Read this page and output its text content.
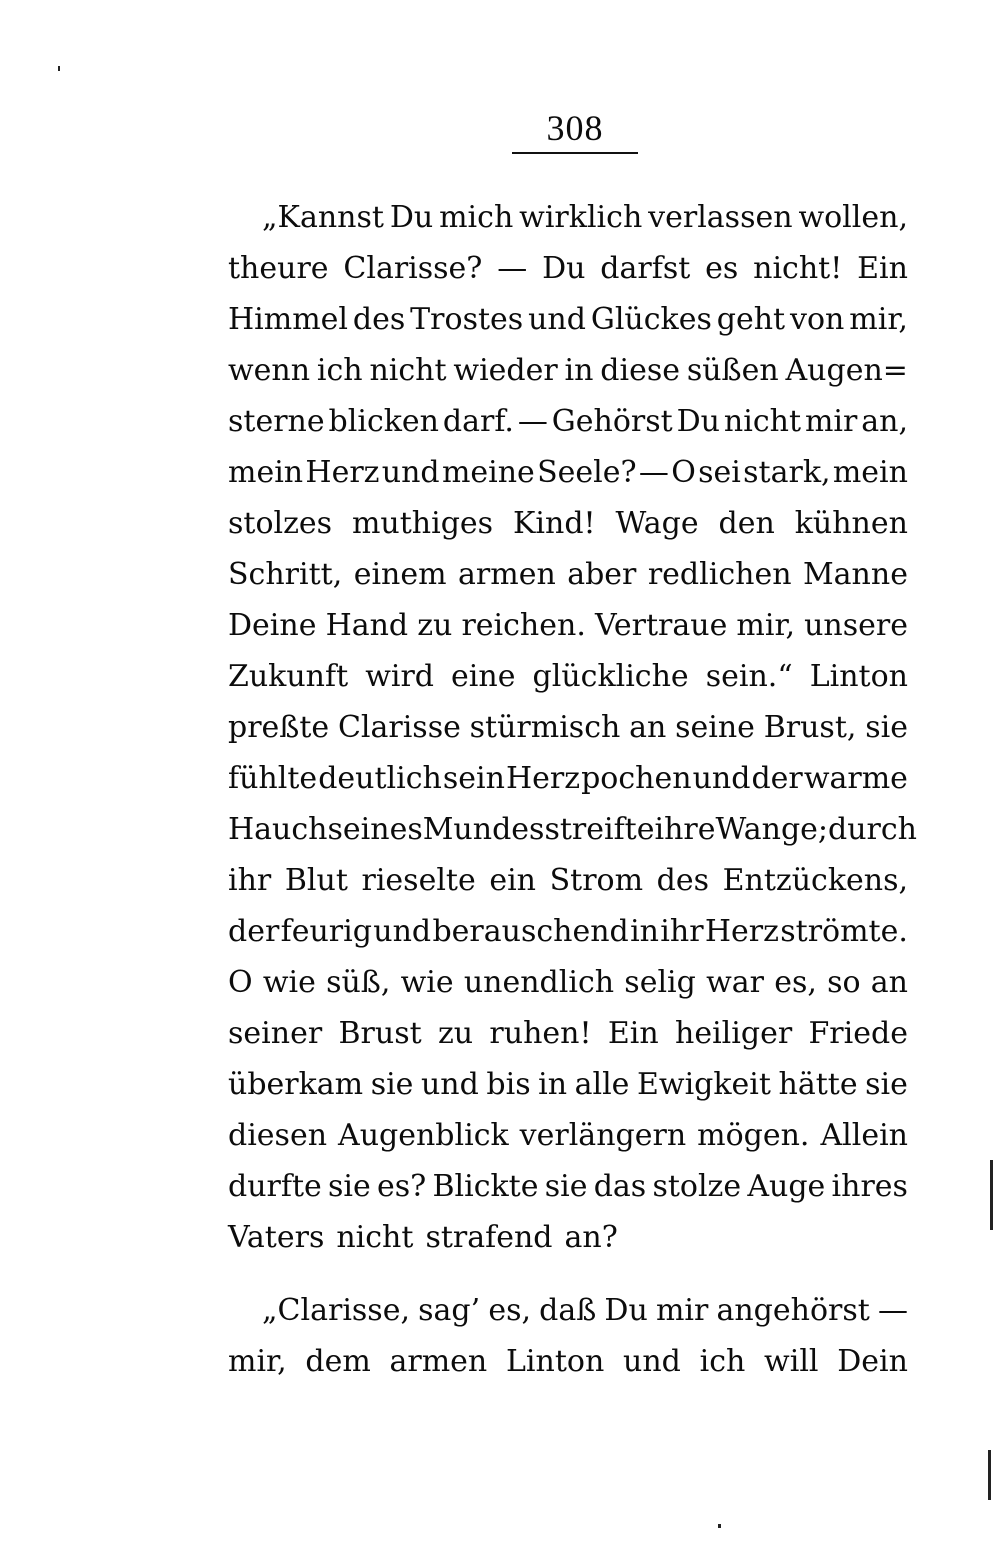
308
„Kannst Du mich wirklich verlassen wollen,
theure Clarisse? — Du darfst es nicht! Ein
Himmel des Trostes und Glückes geht von mir,
wenn ich nicht wieder in diese süßen Augen=
sterne blicken darf. — Gehörst Du nicht mir an,
mein Herz und meine Seele? — O sei stark, mein
stolzes muthiges Kind! Wage den kühnen
Schritt, einem armen aber redlichen Manne
Deine Hand zu reichen. Vertraue mir, unsere
Zukunft wird eine glückliche sein.“ Linton
preßte Clarisse stürmisch an seine Brust, sie
fühlte deutlich sein Herz pochen und der warme
Hauch seines Mundes streifte ihre Wange; durch
ihr Blut rieselte ein Strom des Entzückens,
der feurig und berauschend in ihr Herz strömte.
O wie süß, wie unendlich selig war es, so an
seiner Brust zu ruhen! Ein heiliger Friede
überkam sie und bis in alle Ewigkeit hätte sie
diesen Augenblick verlängern mögen. Allein
durfte sie es? Blickte sie das stolze Auge ihres
Vaters nicht strafend an?
„Clarisse, sag’ es, daß Du mir angehörst —
mir, dem armen Linton und ich will Dein
